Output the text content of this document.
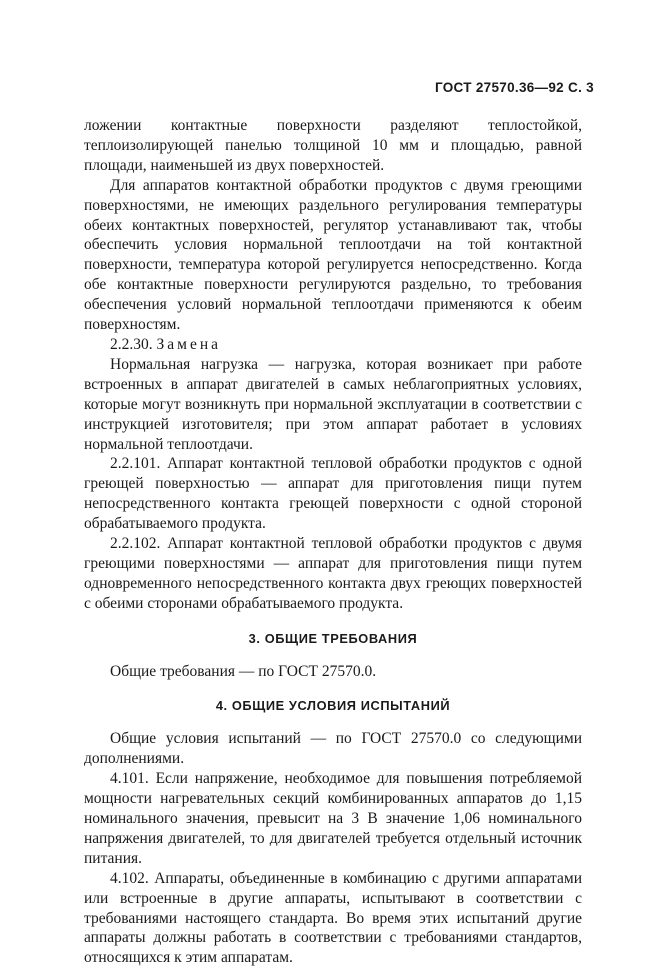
ГОСТ 27570.36—92 С. 3

ложении контактные поверхности разделяют теплостойкой, теплоизолирующей панелью толщиной 10 мм и площадью, равной площади, наименьшей из двух поверхностей.

Для аппаратов контактной обработки продуктов с двумя греющими поверхностями, не имеющих раздельного регулирования температуры обеих контактных поверхностей, регулятор устанавливают так, чтобы обеспечить условия нормальной теплоотдачи на той контактной поверхности, температура которой регулируется непосредственно. Когда обе контактные поверхности регулируются раздельно, то требования обеспечения условий нормальной теплоотдачи применяются к обеим поверхностям.

2.2.30. Замена

Нормальная нагрузка — нагрузка, которая возникает при работе встроенных в аппарат двигателей в самых неблагоприятных условиях, которые могут возникнуть при нормальной эксплуатации в соответствии с инструкцией изготовителя; при этом аппарат работает в условиях нормальной теплоотдачи.

2.2.101. Аппарат контактной тепловой обработки продуктов с одной греющей поверхностью — аппарат для приготовления пищи путем непосредственного контакта греющей поверхности с одной стороной обрабатываемого продукта.

2.2.102. Аппарат контактной тепловой обработки продуктов с двумя греющими поверхностями — аппарат для приготовления пищи путем одновременного непосредственного контакта двух греющих поверхностей с обеими сторонами обрабатываемого продукта.

3. ОБЩИЕ ТРЕБОВАНИЯ

Общие требования — по ГОСТ 27570.0.

4. ОБЩИЕ УСЛОВИЯ ИСПЫТАНИЙ

Общие условия испытаний — по ГОСТ 27570.0 со следующими дополнениями.

4.101. Если напряжение, необходимое для повышения потребляемой мощности нагревательных секций комбинированных аппаратов до 1,15 номинального значения, превысит на 3 В значение 1,06 номинального напряжения двигателей, то для двигателей требуется отдельный источник питания.

4.102. Аппараты, объединенные в комбинацию с другими аппаратами или встроенные в другие аппараты, испытывают в соответствии с требованиями настоящего стандарта. Во время этих испытаний другие аппараты должны работать в соответствии с требованиями стандартов, относящихся к этим аппаратам.
